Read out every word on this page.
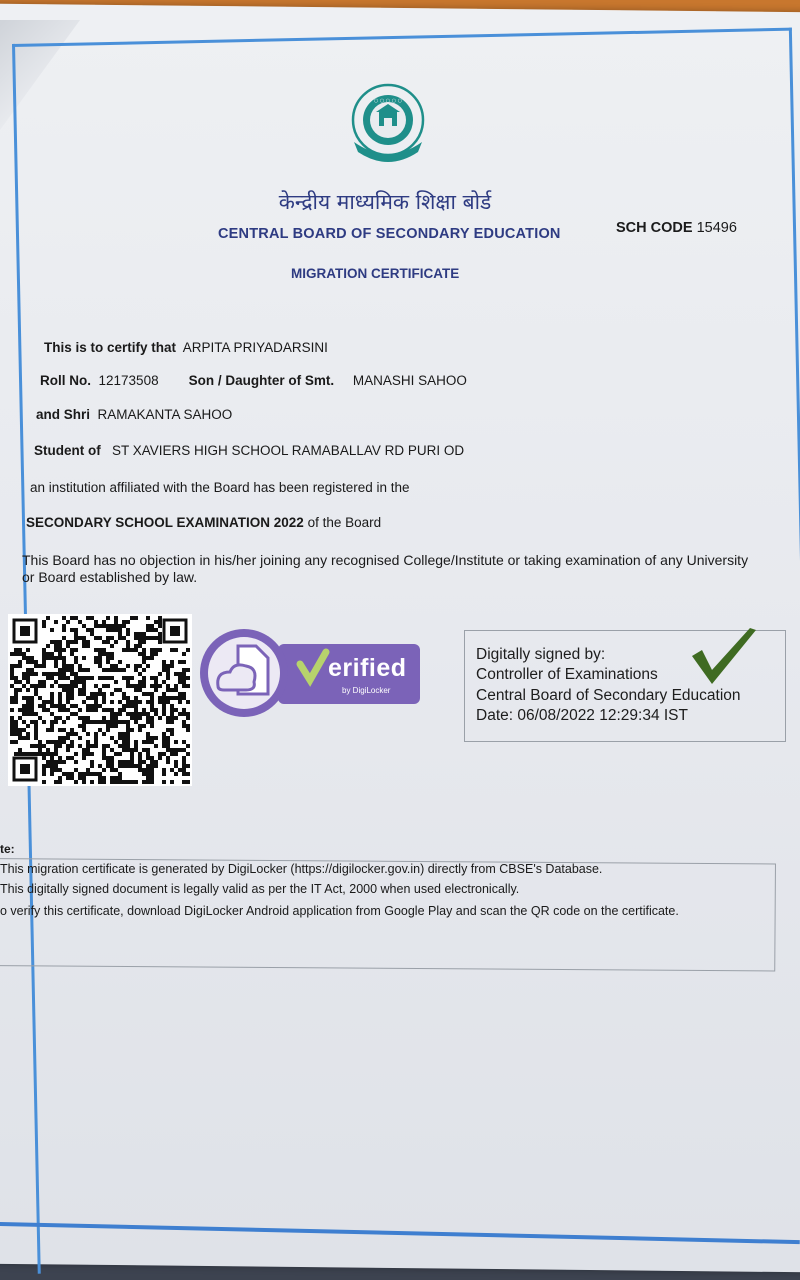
○ ○ ○ ○ ○
केन्द्रीय माध्यमिक शिक्षा बोर्ड
CENTRAL BOARD OF SECONDARY EDUCATION	SCH CODE 15496
MIGRATION CERTIFICATE
This is to certify that ARPITA PRIYADARSINI
Roll No. 12173508 Son / Daughter of Smt. MANASHI SAHOO
and Shri RAMAKANTA SAHOO
Student of ST XAVIERS HIGH SCHOOL RAMABALLAV RD PURI OD
an institution affiliated with the Board has been registered in the
SECONDARY SCHOOL EXAMINATION 2022 of the Board
This Board has no objection in his/her joining any recognised College/Institute or taking examination of any University or Board established by law.
erified
by DigiLocker
Digitally signed by:
Controller of Examinations
Central Board of Secondary Education
Date: 06/08/2022 12:29:34 IST
te:
This migration certificate is generated by DigiLocker (https://digilocker.gov.in) directly from CBSE's Database.
This digitally signed document is legally valid as per the IT Act, 2000 when used electronically.
o verify this certificate, download DigiLocker Android application from Google Play and scan the QR code on the certificate.
